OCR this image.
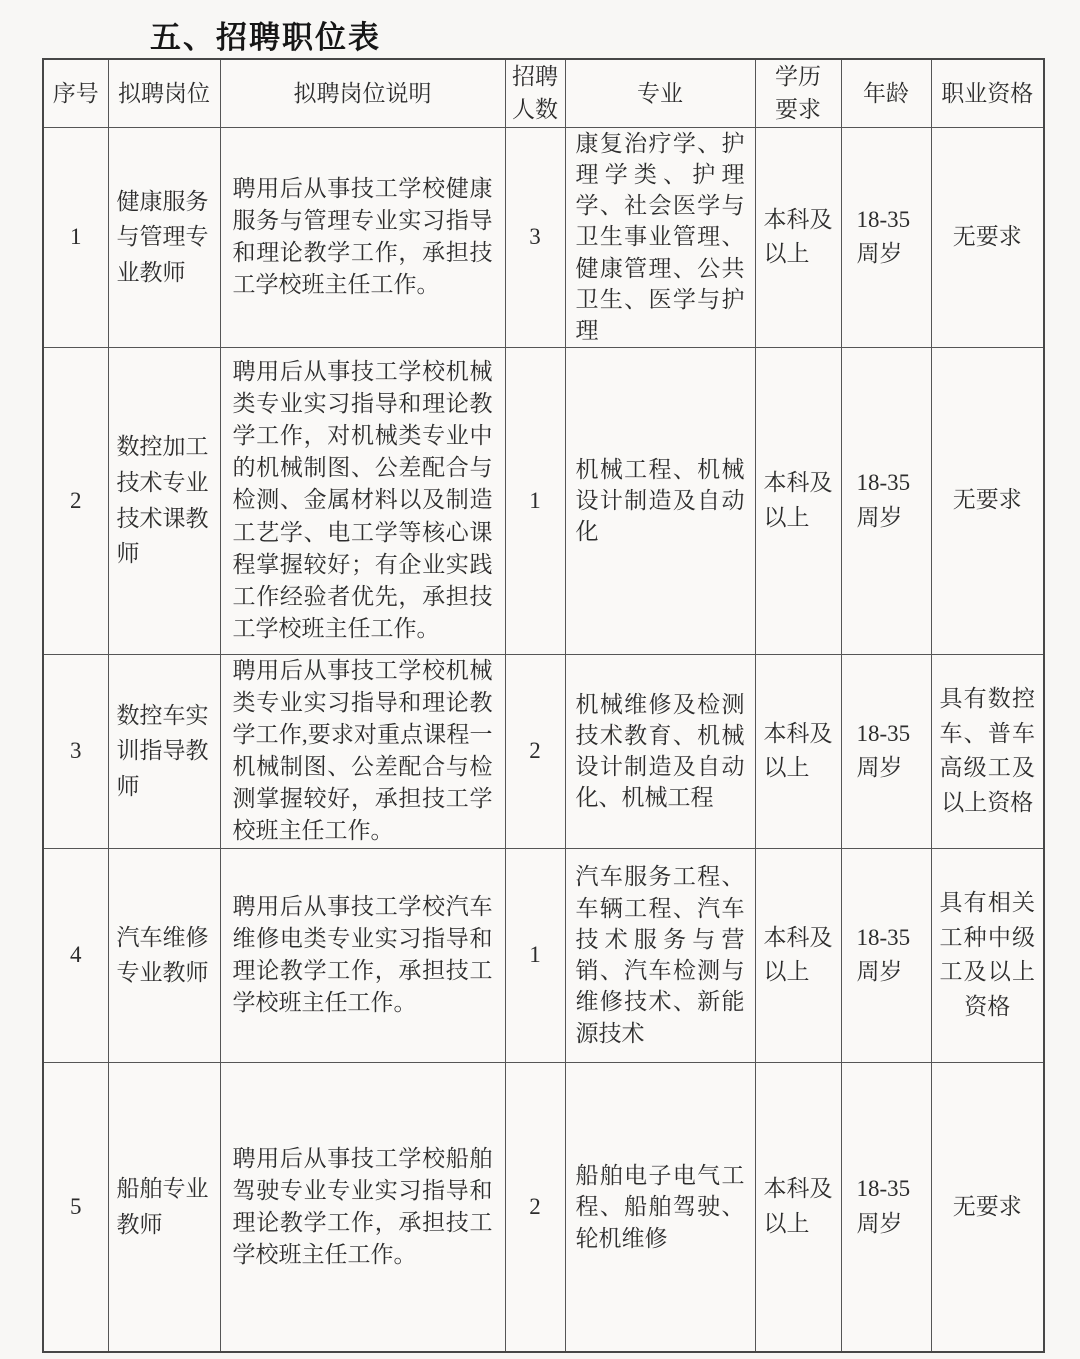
五、招聘职位表
序号	拟聘岗位	拟聘岗位说明	招聘人数	专业	学历要求	年龄	职业资格
1	健康服务与管理专业教师	聘用后从事技工学校健康服务与管理专业实习指导和理论教学工作，承担技工学校班主任工作。	3	康复治疗学、护理学类、护理学、社会医学与卫生事业管理、健康管理、公共卫生、医学与护理	本科及以上	18-35周岁	无要求
2	数控加工技术专业技术课教师	聘用后从事技工学校机械类专业实习指导和理论教学工作，对机械类专业中的机械制图、公差配合与检测、金属材料以及制造工艺学、电工学等核心课程掌握较好；有企业实践工作经验者优先，承担技工学校班主任工作。	1	机械工程、机械设计制造及自动化	本科及以上	18-35周岁	无要求
3	数控车实训指导教师	聘用后从事技工学校机械类专业实习指导和理论教学工作,要求对重点课程一机械制图、公差配合与检测掌握较好，承担技工学校班主任工作。	2	机械维修及检测技术教育、机械设计制造及自动化、机械工程	本科及以上	18-35周岁	具有数控车、普车高级工及以上资格
4	汽车维修专业教师	聘用后从事技工学校汽车维修电类专业实习指导和理论教学工作，承担技工学校班主任工作。	1	汽车服务工程、车辆工程、汽车技术服务与营销、汽车检测与维修技术、新能源技术	本科及以上	18-35周岁	具有相关工种中级工及以上资格
5	船舶专业教师	聘用后从事技工学校船舶驾驶专业专业实习指导和理论教学工作，承担技工学校班主任工作。	2	船舶电子电气工程、船舶驾驶、轮机维修	本科及以上	18-35周岁	无要求
